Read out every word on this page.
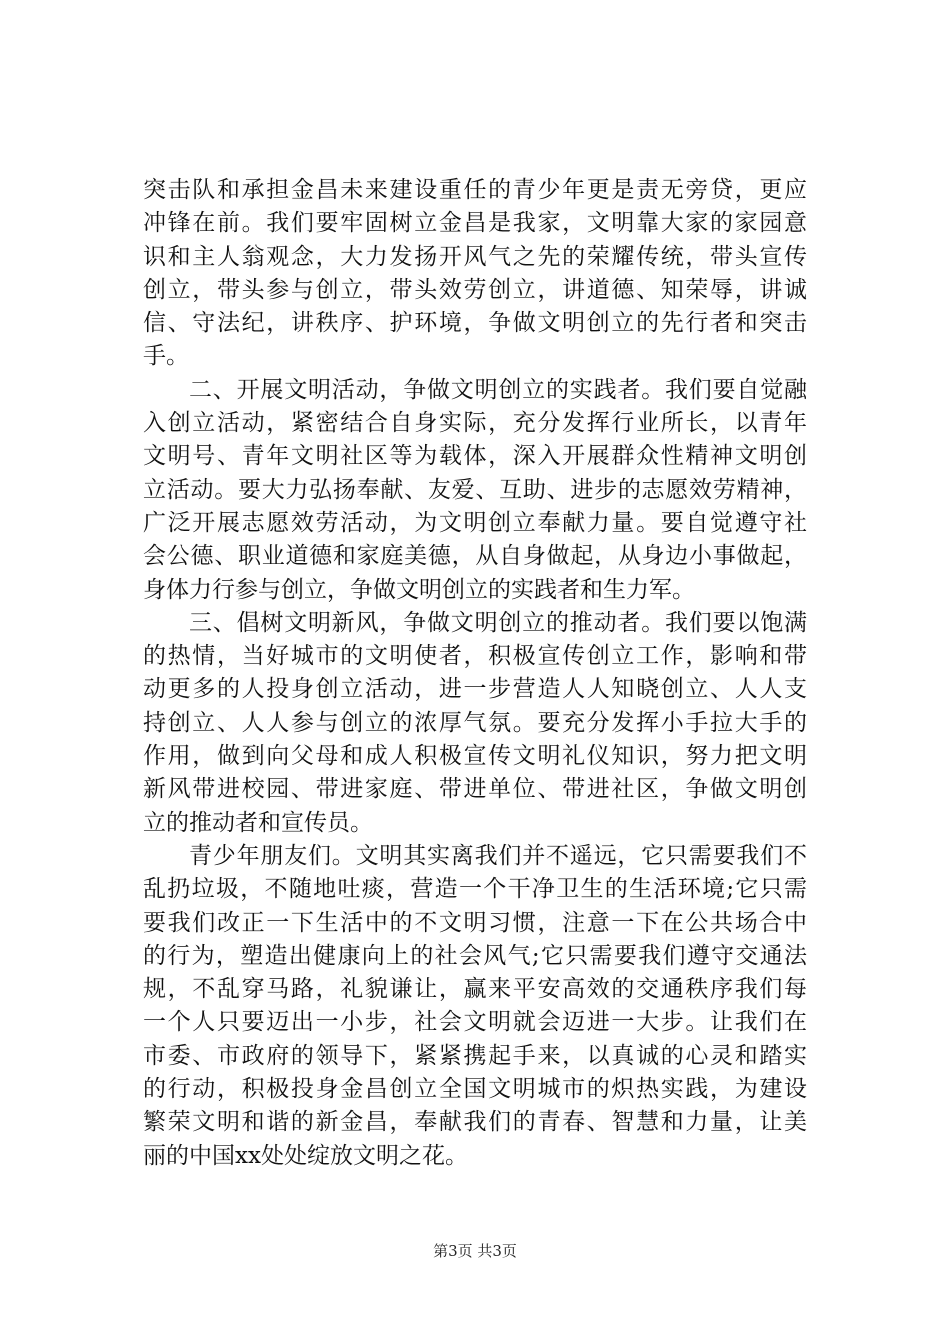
突击队和承担金昌未来建设重任的青少年更是责无旁贷，更应
冲锋在前。我们要牢固树立金昌是我家，文明靠大家的家园意
识和主人翁观念，大力发扬开风气之先的荣耀传统，带头宣传
创立，带头参与创立，带头效劳创立，讲道德、知荣辱，讲诚
信、守法纪，讲秩序、护环境，争做文明创立的先行者和突击
手。
二、开展文明活动，争做文明创立的实践者。我们要自觉融
入创立活动，紧密结合自身实际，充分发挥行业所长，以青年
文明号、青年文明社区等为载体，深入开展群众性精神文明创
立活动。要大力弘扬奉献、友爱、互助、进步的志愿效劳精神，
广泛开展志愿效劳活动，为文明创立奉献力量。要自觉遵守社
会公德、职业道德和家庭美德，从自身做起，从身边小事做起，
身体力行参与创立，争做文明创立的实践者和生力军。
三、倡树文明新风，争做文明创立的推动者。我们要以饱满
的热情，当好城市的文明使者，积极宣传创立工作，影响和带
动更多的人投身创立活动，进一步营造人人知晓创立、人人支
持创立、人人参与创立的浓厚气氛。要充分发挥小手拉大手的
作用，做到向父母和成人积极宣传文明礼仪知识，努力把文明
新风带进校园、带进家庭、带进单位、带进社区，争做文明创
立的推动者和宣传员。
青少年朋友们。文明其实离我们并不遥远，它只需要我们不
乱扔垃圾，不随地吐痰，营造一个干净卫生的生活环境;它只需
要我们改正一下生活中的不文明习惯，注意一下在公共场合中
的行为，塑造出健康向上的社会风气;它只需要我们遵守交通法
规，不乱穿马路，礼貌谦让，赢来平安高效的交通秩序我们每
一个人只要迈出一小步，社会文明就会迈进一大步。让我们在
市委、市政府的领导下，紧紧携起手来，以真诚的心灵和踏实
的行动，积极投身金昌创立全国文明城市的炽热实践，为建设
繁荣文明和谐的新金昌，奉献我们的青春、智慧和力量，让美
丽的中国xx处处绽放文明之花。
第3页 共3页
